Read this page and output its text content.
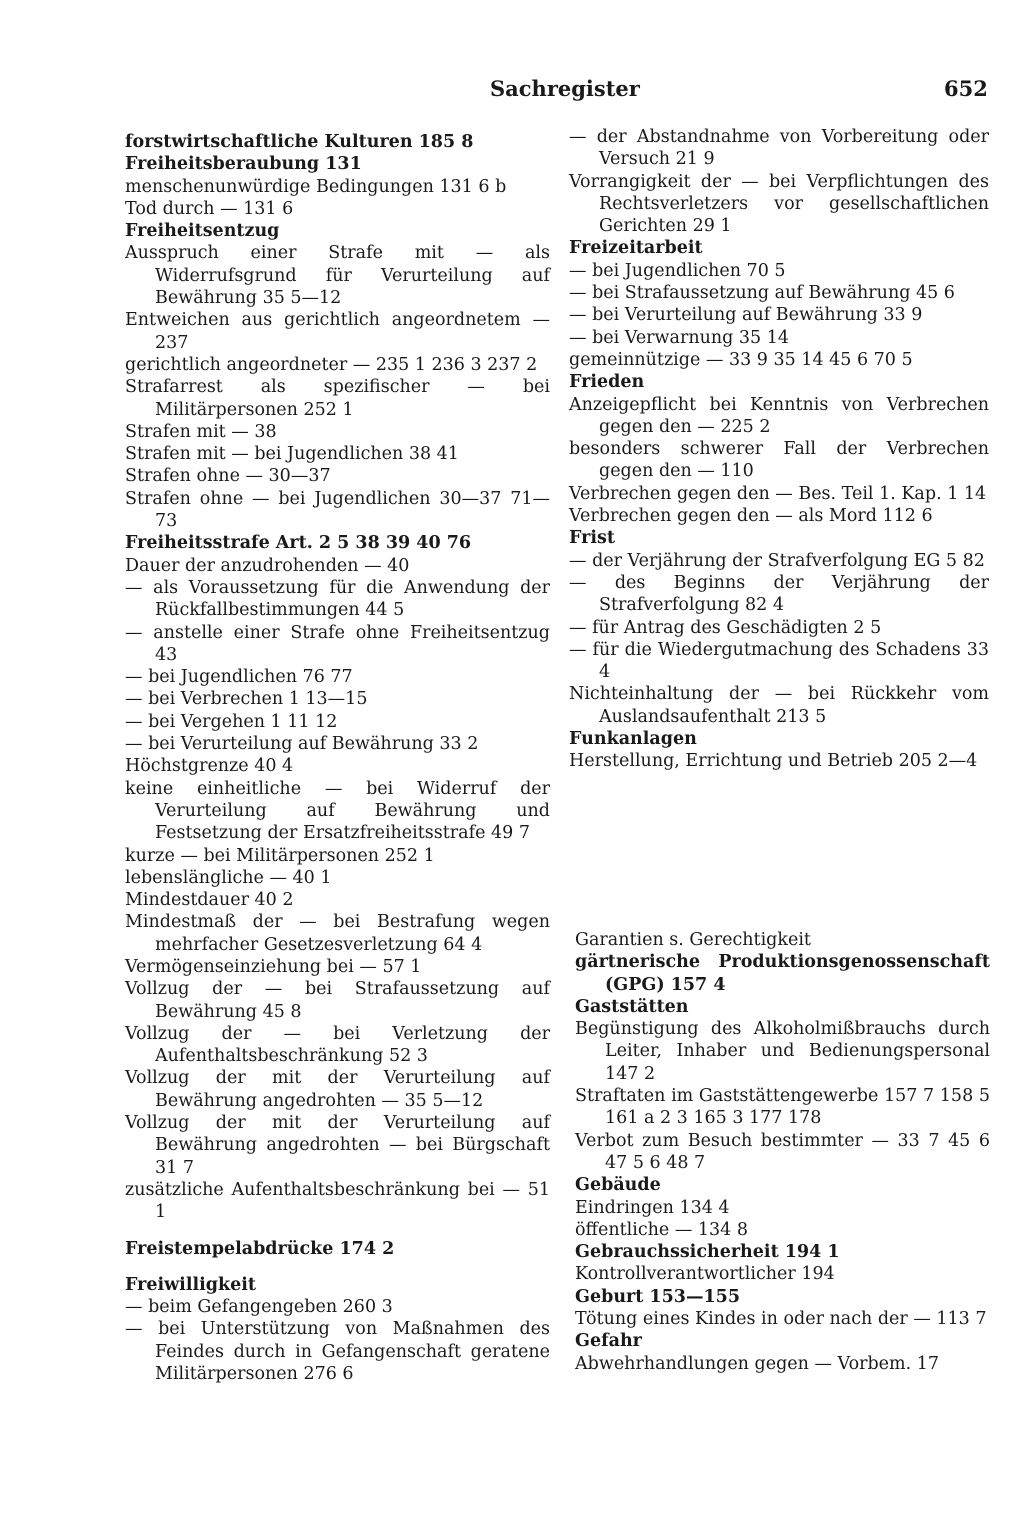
Sachregister	652
forstwirtschaftliche Kulturen 185 8
Freiheitsberaubung 131
menschenunwürdige Bedingungen 131 6 b
Tod durch — 131 6
Freiheitsentzug
Ausspruch einer Strafe mit — als Widerrufsgrund für Verurteilung auf Bewährung 35 5—12
Entweichen aus gerichtlich angeordnetem — 237
gerichtlich angeordneter — 235 1 236 3 237 2
Strafarrest als spezifischer — bei Militärpersonen 252 1
Strafen mit — 38
Strafen mit — bei Jugendlichen 38 41
Strafen ohne — 30—37
Strafen ohne — bei Jugendlichen 30—37 71—73
Freiheitsstrafe Art. 2 5 38 39 40 76
Dauer der anzudrohenden — 40
— als Voraussetzung für die Anwendung der Rückfallbestimmungen 44 5
— anstelle einer Strafe ohne Freiheitsentzug 43
— bei Jugendlichen 76 77
— bei Verbrechen 1 13—15
— bei Vergehen 1 11 12
— bei Verurteilung auf Bewährung 33 2
Höchstgrenze 40 4
keine einheitliche — bei Widerruf der Verurteilung auf Bewährung und Festsetzung der Ersatzfreiheitsstrafe 49 7
kurze — bei Militärpersonen 252 1
lebenslängliche — 40 1
Mindestdauer 40 2
Mindestmaß der — bei Bestrafung wegen mehrfacher Gesetzesverletzung 64 4
Vermögenseinziehung bei — 57 1
Vollzug der — bei Strafaussetzung auf Bewährung 45 8
Vollzug der — bei Verletzung der Aufenthaltsbeschränkung 52 3
Vollzug der mit der Verurteilung auf Bewährung angedrohten — 35 5—12
Vollzug der mit der Verurteilung auf Bewährung angedrohten — bei Bürgschaft 31 7
zusätzliche Aufenthaltsbeschränkung bei — 51 1
Freistempelabdrücke 174 2
Freiwilligkeit
— beim Gefangengeben 260 3
— bei Unterstützung von Maßnahmen des Feindes durch in Gefangenschaft geratene Militärpersonen 276 6
— der Abstandnahme von Vorbereitung oder Versuch 21 9
Vorrangigkeit der — bei Verpflichtungen des Rechtsverletzers vor gesellschaftlichen Gerichten 29 1
Freizeitarbeit
— bei Jugendlichen 70 5
— bei Strafaussetzung auf Bewährung 45 6
— bei Verurteilung auf Bewährung 33 9
— bei Verwarnung 35 14
gemeinnützige — 33 9 35 14 45 6 70 5
Frieden
Anzeigepflicht bei Kenntnis von Verbrechen gegen den — 225 2
besonders schwerer Fall der Verbrechen gegen den — 110
Verbrechen gegen den — Bes. Teil 1. Kap. 1 14
Verbrechen gegen den — als Mord 112 6
Frist
— der Verjährung der Strafverfolgung EG 5 82
— des Beginns der Verjährung der Strafverfolgung 82 4
— für Antrag des Geschädigten 2 5
— für die Wiedergutmachung des Schadens 33 4
Nichteinhaltung der — bei Rückkehr vom Auslandsaufenthalt 213 5
Funkanlagen
Herstellung, Errichtung und Betrieb 205 2—4
Garantien s. Gerechtigkeit
gärtnerische Produktionsgenossenschaft (GPG) 157 4
Gaststätten
Begünstigung des Alkoholmißbrauchs durch Leiter, Inhaber und Bedienungspersonal 147 2
Straftaten im Gaststättengewerbe 157 7 158 5 161 a 2 3 165 3 177 178
Verbot zum Besuch bestimmter — 33 7 45 6 47 5 6 48 7
Gebäude
Eindringen 134 4
öffentliche — 134 8
Gebrauchssicherheit 194 1
Kontrollverantwortlicher 194
Geburt 153—155
Tötung eines Kindes in oder nach der — 113 7
Gefahr
Abwehrhandlungen gegen — Vorbem. 17
